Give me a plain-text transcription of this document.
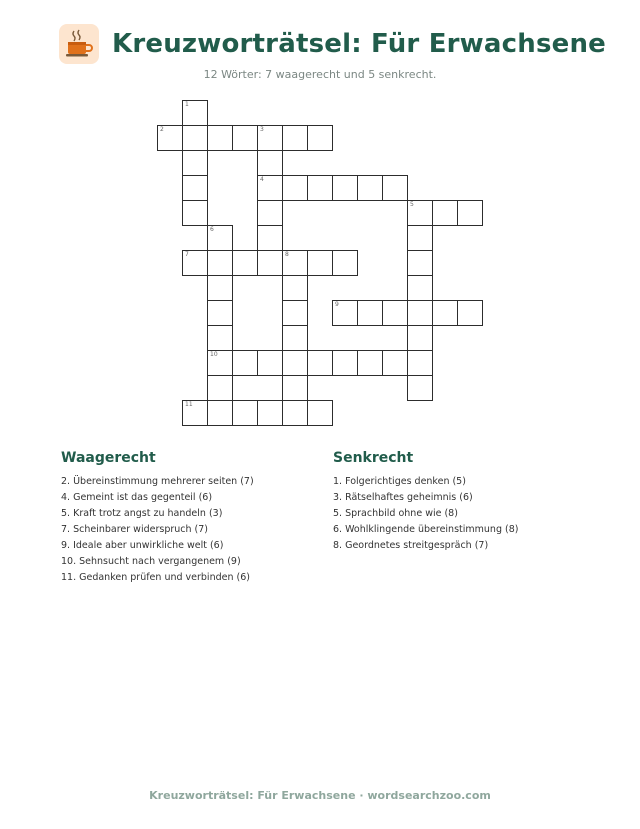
Kreuzworträtsel: Für Erwachsene
12 Wörter: 7 waagerecht und 5 senkrecht.
1
2	3
4
5
6
10
7	8
9
11
Waagerecht
2. Übereinstimmung mehrerer seiten (7)
4. Gemeint ist das gegenteil (6)
5. Kraft trotz angst zu handeln (3)
7. Scheinbarer widerspruch (7)
9. Ideale aber unwirkliche welt (6)
10. Sehnsucht nach vergangenem (9)
11. Gedanken prüfen und verbinden (6)
Senkrecht
1. Folgerichtiges denken (5)
3. Rätselhaftes geheimnis (6)
5. Sprachbild ohne wie (8)
6. Wohlklingende übereinstimmung (8)
8. Geordnetes streitgespräch (7)
Kreuzworträtsel: Für Erwachsene · wordsearchzoo.com
